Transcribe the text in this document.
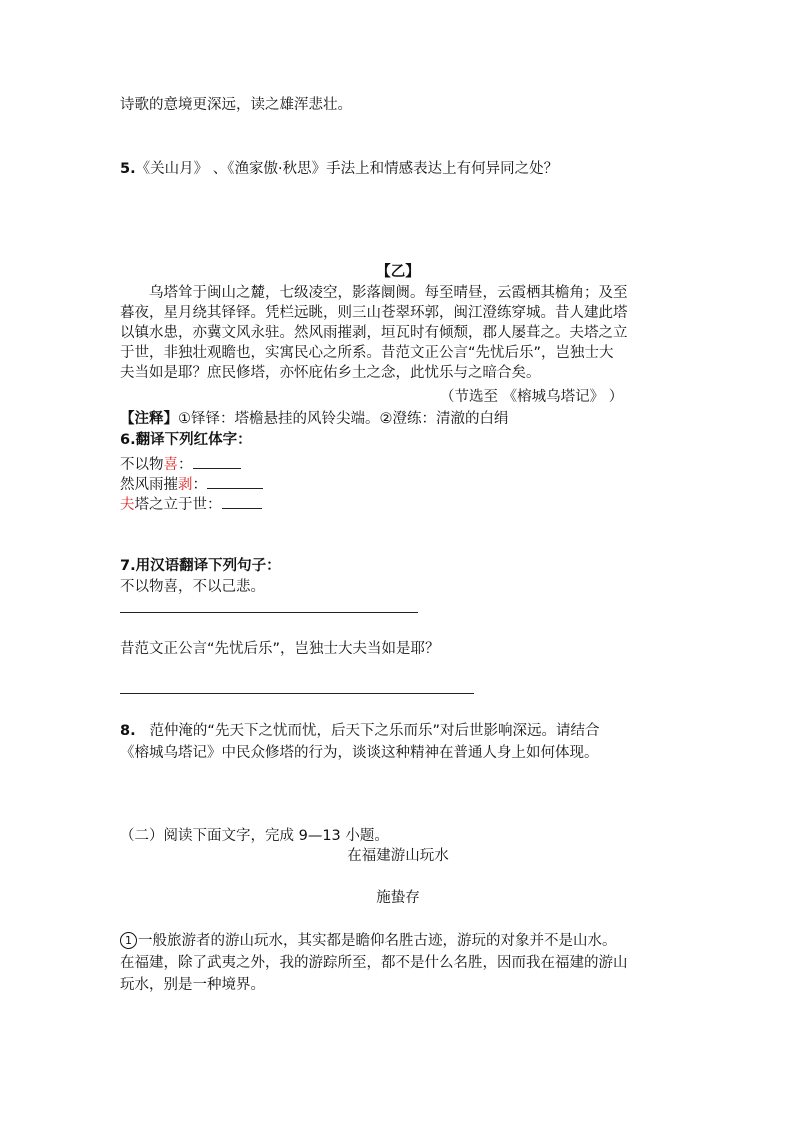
诗歌的意境更深远，读之雄浑悲壮。
5.《关山月》 、《渔家傲·秋思》手法上和情感表达上有何异同之处？
【乙】
　　乌塔耸于闽山之麓，七级凌空，影落阛阓。每至晴昼，云霞栖其檐角；及至
暮夜，星月绕其铎铎。凭栏远眺，则三山苍翠环郭，闽江澄练穿城。昔人建此塔
以镇水患，亦冀文风永驻。然风雨摧剥，垣瓦时有倾颓，郡人屡葺之。夫塔之立
于世，非独壮观瞻也，实寓民心之所系。昔范文正公言“先忧后乐”，岂独士大
夫当如是耶？庶民修塔，亦怀庇佑乡土之念，此忧乐与之暗合矣。
（节选至 《榕城乌塔记》 ）
【注释】①铎铎：塔檐悬挂的风铃尖端。②澄练：清澈的白绢
6.翻译下列红体字：
不以物喜：
然风雨摧剥：
夫塔之立于世：
7.用汉语翻译下列句子：
不以物喜，不以己悲。
昔范文正公言“先忧后乐”，岂独士大夫当如是耶？
8. 范仲淹的“先天下之忧而忧，后天下之乐而乐”对后世影响深远。请结合
《榕城乌塔记》中民众修塔的行为，谈谈这种精神在普通人身上如何体现。
（二）阅读下面文字，完成 9—13 小题。
在福建游山玩水
施蛰存
1 一般旅游者的游山玩水，其实都是瞻仰名胜古迹，游玩的对象并不是山水。
在福建，除了武夷之外，我的游踪所至，都不是什么名胜，因而我在福建的游山
玩水，别是一种境界。
